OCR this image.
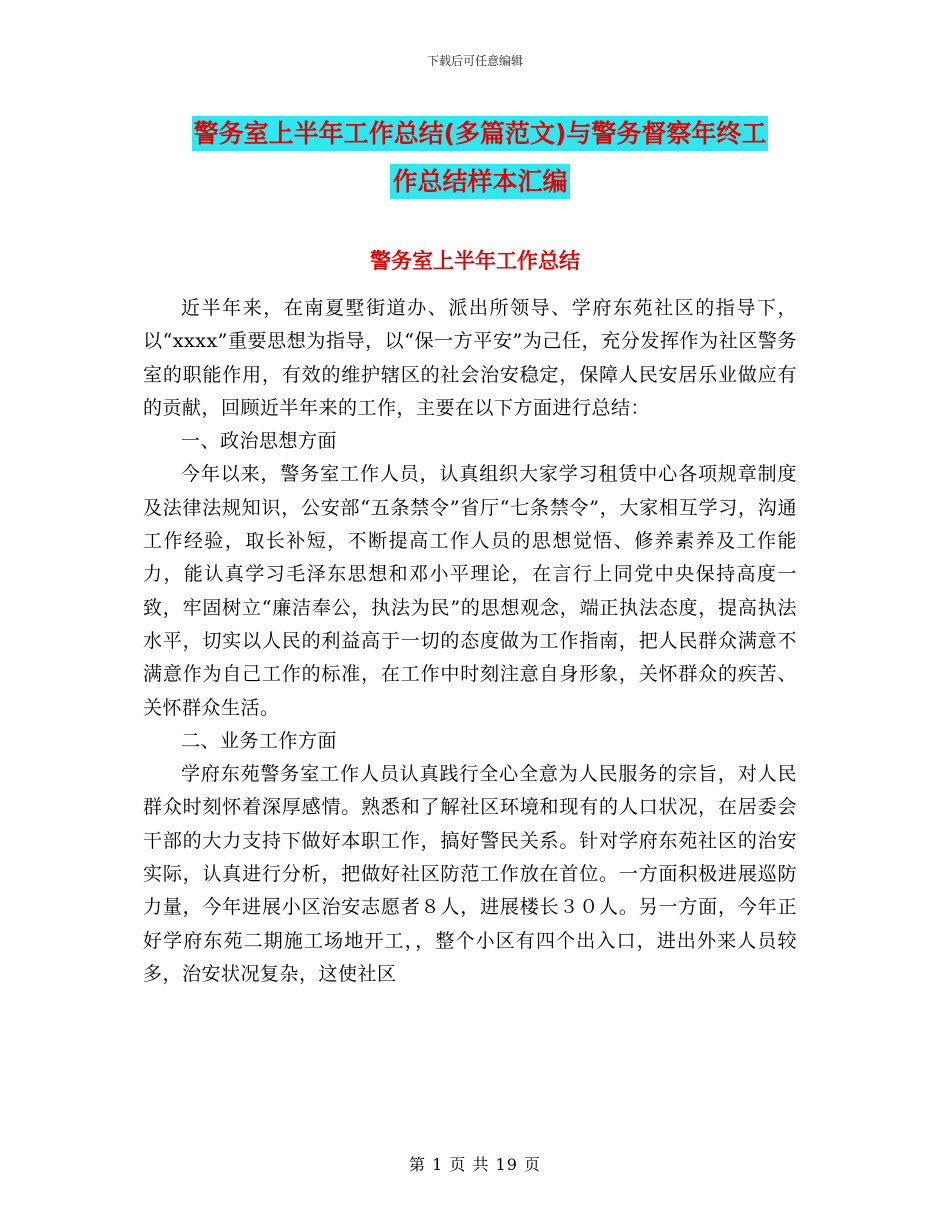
下载后可任意编辑
警务室上半年工作总结(多篇范文)与警务督察年终工
作总结样本汇编
警务室上半年工作总结

近半年来，在南夏墅街道办、派出所领导、学府东苑社区的指导下，以“xxxx”重要思想为指导，以“保一方平安”为己任，充分发挥作为社区警务室的职能作用，有效的维护辖区的社会治安稳定，保障人民安居乐业做应有的贡献，回顾近半年来的工作，主要在以下方面进行总结：

一、政治思想方面

今年以来，警务室工作人员，认真组织大家学习租赁中心各项规章制度及法律法规知识，公安部“五条禁令”省厅“七条禁令”，大家相互学习，沟通工作经验，取长补短，不断提高工作人员的思想觉悟、修养素养及工作能力，能认真学习毛泽东思想和邓小平理论，在言行上同党中央保持高度一致，牢固树立“廉洁奉公，执法为民”的思想观念，端正执法态度，提高执法水平，切实以人民的利益高于一切的态度做为工作指南，把人民群众满意不满意作为自己工作的标准，在工作中时刻注意自身形象，关怀群众的疾苦、关怀群众生活。

二、业务工作方面

学府东苑警务室工作人员认真践行全心全意为人民服务的宗旨，对人民群众时刻怀着深厚感情。熟悉和了解社区环境和现有的人口状况，在居委会干部的大力支持下做好本职工作，搞好警民关系。针对学府东苑社区的治安实际，认真进行分析，把做好社区防范工作放在首位。一方面积极进展巡防力量，今年进展小区治安志愿者８人，进展楼长３０人。另一方面，今年正好学府东苑二期施工场地开工，，整个小区有四个出入口，进出外来人员较多，治安状况复杂，这使社区

第 1 页 共 19 页
